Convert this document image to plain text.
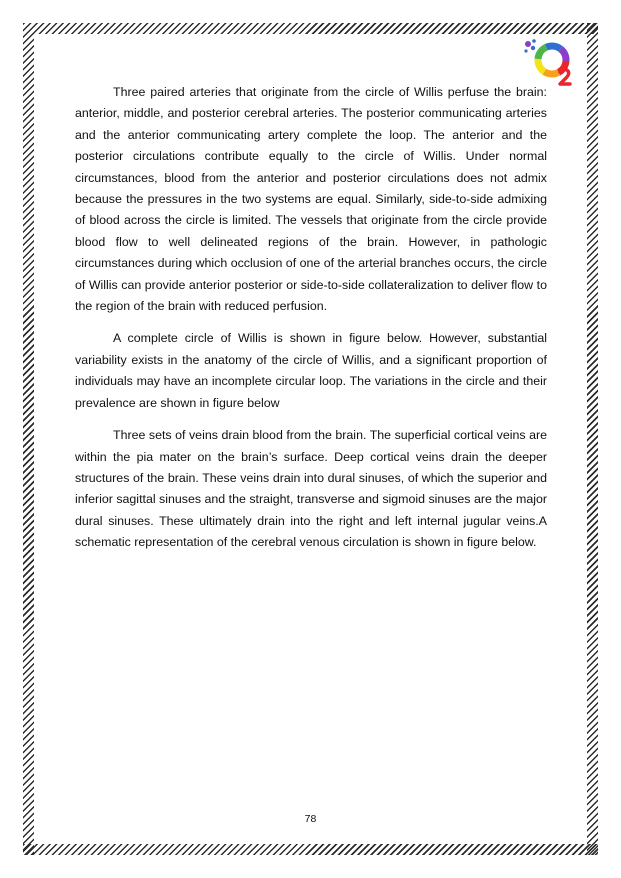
Three paired arteries that originate from the circle of Willis perfuse the brain: anterior, middle, and posterior cerebral arteries. The posterior communicating arteries and the anterior communicating artery complete the loop. The anterior and the posterior circulations contribute equally to the circle of Willis. Under normal circumstances, blood from the anterior and posterior circulations does not admix because the pressures in the two systems are equal. Similarly, side-to-side admixing of blood across the circle is limited. The vessels that originate from the circle provide blood flow to well delineated regions of the brain. However, in pathologic circumstances during which occlusion of one of the arterial branches occurs, the circle of Willis can provide anterior posterior or side-to-side collateralization to deliver flow to the region of the brain with reduced perfusion.

A complete circle of Willis is shown in figure below. However, substantial variability exists in the anatomy of the circle of Willis, and a significant proportion of individuals may have an incomplete circular loop. The variations in the circle and their prevalence are shown in figure below

Three sets of veins drain blood from the brain. The superficial cortical veins are within the pia mater on the brain’s surface. Deep cortical veins drain the deeper structures of the brain. These veins drain into dural sinuses, of which the superior and inferior sagittal sinuses and the straight, transverse and sigmoid sinuses are the major dural sinuses. These ultimately drain into the right and left internal jugular veins.A schematic representation of the cerebral venous circulation is shown in figure below.

78
